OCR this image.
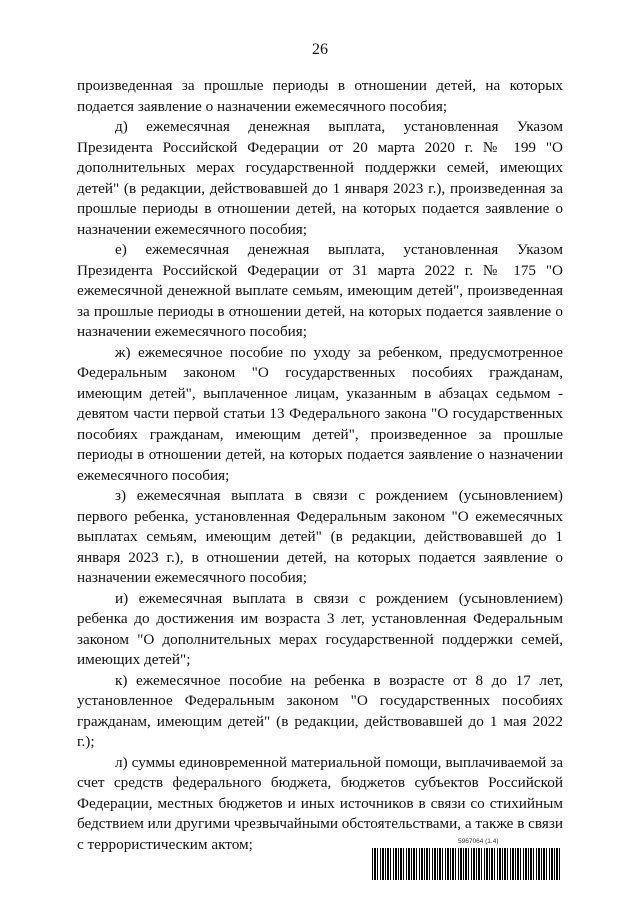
26

произведенная за прошлые периоды в отношении детей, на которых подается заявление о назначении ежемесячного пособия;

д) ежемесячная денежная выплата, установленная Указом Президента Российской Федерации от 20 марта 2020 г. № 199 "О дополнительных мерах государственной поддержки семей, имеющих детей" (в редакции, действовавшей до 1 января 2023 г.), произведенная за прошлые периоды в отношении детей, на которых подается заявление о назначении ежемесячного пособия;

е) ежемесячная денежная выплата, установленная Указом Президента Российской Федерации от 31 марта 2022 г. № 175 "О ежемесячной денежной выплате семьям, имеющим детей", произведенная за прошлые периоды в отношении детей, на которых подается заявление о назначении ежемесячного пособия;

ж) ежемесячное пособие по уходу за ребенком, предусмотренное Федеральным законом "О государственных пособиях гражданам, имеющим детей", выплаченное лицам, указанным в абзацах седьмом - девятом части первой статьи 13 Федерального закона "О государственных пособиях гражданам, имеющим детей", произведенное за прошлые периоды в отношении детей, на которых подается заявление о назначении ежемесячного пособия;

з) ежемесячная выплата в связи с рождением (усыновлением) первого ребенка, установленная Федеральным законом "О ежемесячных выплатах семьям, имеющим детей" (в редакции, действовавшей до 1 января 2023 г.), в отношении детей, на которых подается заявление о назначении ежемесячного пособия;

и) ежемесячная выплата в связи с рождением (усыновлением) ребенка до достижения им возраста 3 лет, установленная Федеральным законом "О дополнительных мерах государственной поддержки семей, имеющих детей";

к) ежемесячное пособие на ребенка в возрасте от 8 до 17 лет, установленное Федеральным законом "О государственных пособиях гражданам, имеющим детей" (в редакции, действовавшей до 1 мая 2022 г.);

л) суммы единовременной материальной помощи, выплачиваемой за счет средств федерального бюджета, бюджетов субъектов Российской Федерации, местных бюджетов и иных источников в связи со стихийным бедствием или другими чрезвычайными обстоятельствами, а также в связи с террористическим актом;	5967064 (1.4)
